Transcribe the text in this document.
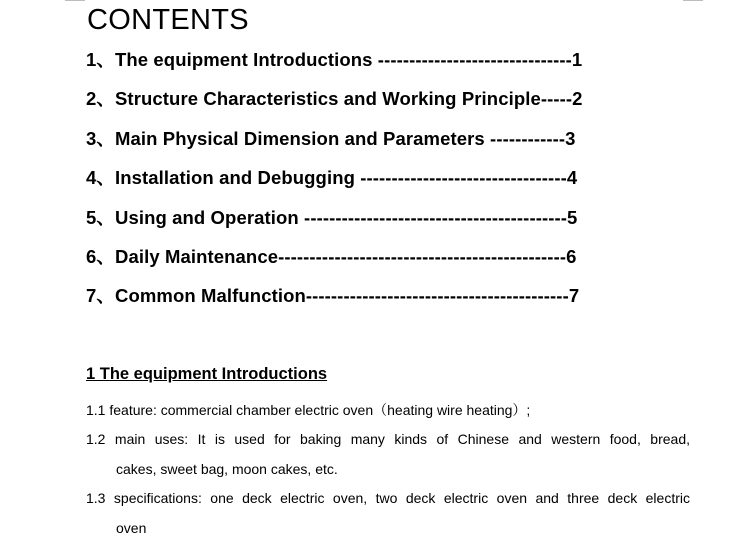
CONTENTS
1、The equipment Introductions -------------------------------1
2、Structure Characteristics and Working Principle-----2
3、Main Physical Dimension and Parameters ------------3
4、Installation and Debugging ---------------------------------4
5、Using and Operation ------------------------------------------5
6、Daily Maintenance----------------------------------------------6
7、Common Malfunction------------------------------------------7
1 The equipment Introductions

1.1 feature: commercial chamber electric oven（heating wire heating）;

1.2 main uses: It is used for baking many kinds of Chinese and western food, bread,
cakes, sweet bag, moon cakes, etc.

1.3 specifications: one deck electric oven, two deck electric oven and three deck electric
oven
